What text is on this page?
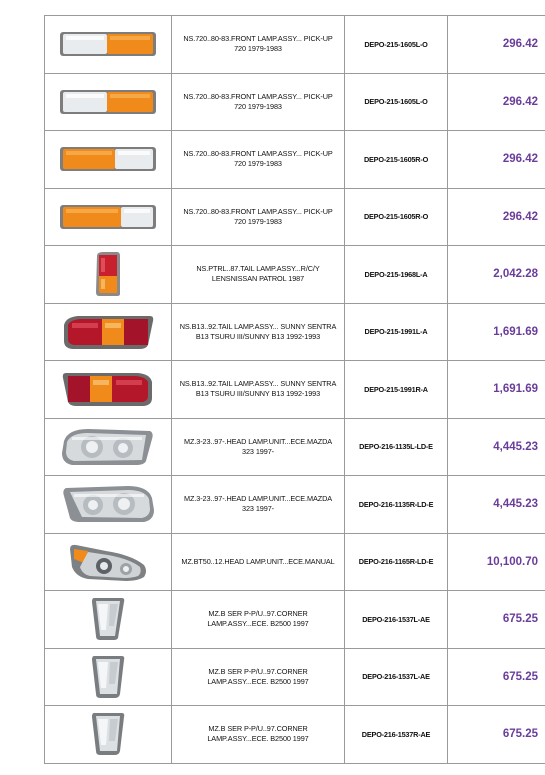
	NS.720..80-83.FRONT LAMP.ASSY... PICK-UP 720 1979-1983	DEPO-215-1605L-O	296.42

	NS.720..80-83.FRONT LAMP.ASSY... PICK-UP 720 1979-1983	DEPO-215-1605L-O	296.42

	NS.720..80-83.FRONT LAMP.ASSY... PICK-UP 720 1979-1983	DEPO-215-1605R-O	296.42

	NS.720..80-83.FRONT LAMP.ASSY... PICK-UP 720 1979-1983	DEPO-215-1605R-O	296.42

	NS.PTRL..87.TAIL LAMP.ASSY...R/C/Y LENSNISSAN PATROL 1987	DEPO-215-1968L-A	2,042.28

	NS.B13..92.TAIL LAMP.ASSY... SUNNY SENTRA B13 TSURU III/SUNNY B13 1992-1993	DEPO-215-1991L-A	1,691.69

	NS.B13..92.TAIL LAMP.ASSY... SUNNY SENTRA B13 TSURU III/SUNNY B13 1992-1993	DEPO-215-1991R-A	1,691.69

	MZ.3-23..97-.HEAD LAMP.UNIT...ECE.MAZDA 323 1997-	DEPO-216-1135L-LD-E	4,445.23

	MZ.3-23..97-.HEAD LAMP.UNIT...ECE.MAZDA 323 1997-	DEPO-216-1135R-LD-E	4,445.23

	MZ.BT50..12.HEAD LAMP.UNIT...ECE.MANUAL	DEPO-216-1165R-LD-E	10,100.70

	MZ.B SER P-P/U..97.CORNER LAMP.ASSY...ECE. B2500 1997	DEPO-216-1537L-AE	675.25

	MZ.B SER P-P/U..97.CORNER LAMP.ASSY...ECE. B2500 1997	DEPO-216-1537L-AE	675.25

	MZ.B SER P-P/U..97.CORNER LAMP.ASSY...ECE. B2500 1997	DEPO-216-1537R-AE	675.25
